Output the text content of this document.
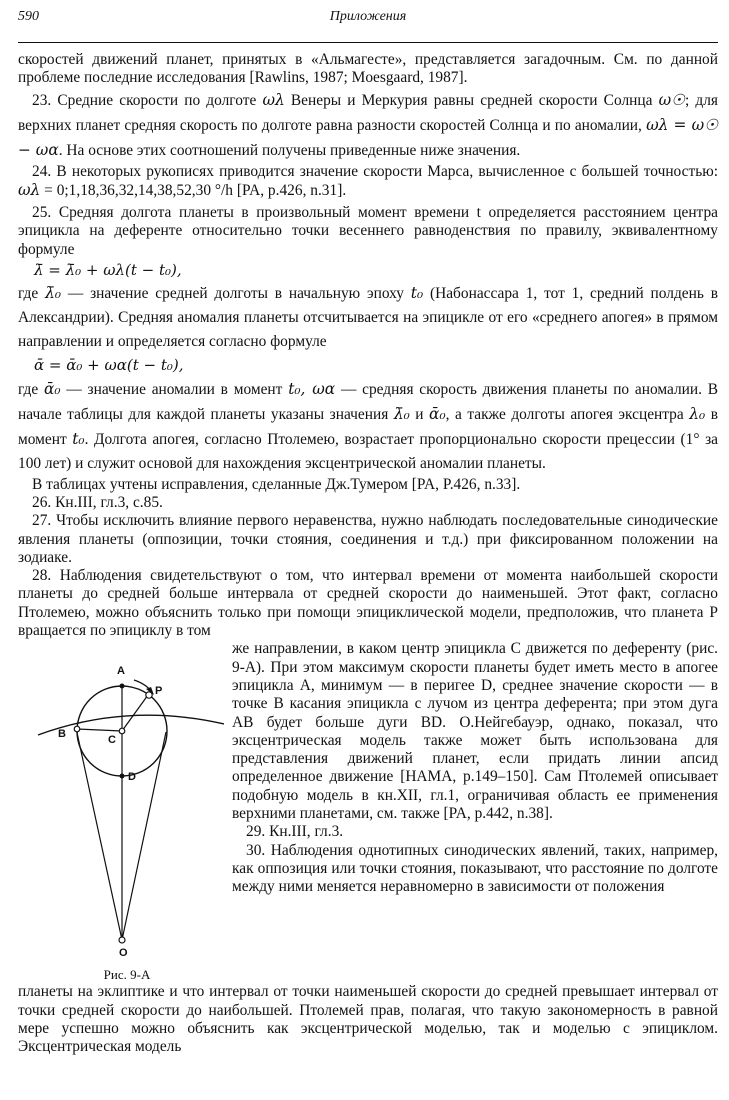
590	Приложения

скоростей движений планет, принятых в «Альмагесте», представляется загадочным. См. по данной проблеме последние исследования [Rawlins, 1987; Moesgaard, 1987].

23. Средние скорости по долготе ωλ Венеры и Меркурия равны средней скорости Солнца ω☉; для верхних планет средняя скорость по долготе равна разности скоростей Солнца и по аномалии, ωλ = ω☉ − ωα. На основе этих соотношений получены приведенные ниже значения.

24. В некоторых рукописях приводится значение скорости Марса, вычисленное с большей точностью: ωλ = 0;1,18,36,32,14,38,52,30 °/h [PA, p.426, n.31].

25. Средняя долгота планеты в произвольный момент времени t определяется расстоянием центра эпицикла на деференте относительно точки весеннего равноденствия по правилу, эквивалентному формуле

λ̄ = λ̄₀ + ωλ(t − t₀),

где λ̄₀ — значение средней долготы в начальную эпоху t₀ (Набонассара 1, тот 1, средний полдень в Александрии). Средняя аномалия планеты отсчитывается на эпицикле от его «среднего апогея» в прямом направлении и определяется согласно формуле

ᾱ = ᾱ₀ + ωα(t − t₀),

где ᾱ₀ — значение аномалии в момент t₀, ωα — средняя скорость движения планеты по аномалии. В начале таблицы для каждой планеты указаны значения λ̄₀ и ᾱ₀, а также долготы апогея эксцентра λ₀ в момент t₀. Долгота апогея, согласно Птолемею, возрастает пропорционально скорости прецессии (1° за 100 лет) и служит основой для нахождения эксцентрической аномалии планеты.

В таблицах учтены исправления, сделанные Дж.Тумером [PA, P.426, n.33].

26. Кн.III, гл.3, с.85.

27. Чтобы исключить влияние первого неравенства, нужно наблюдать последовательные синодические явления планеты (оппозиции, точки стояния, соединения и т.д.) при фиксированном положении на зодиаке.

28. Наблюдения свидетельствуют о том, что интервал времени от момента наибольшей скорости планеты до средней больше интервала от средней скорости до наименьшей. Этот факт, согласно Птолемею, можно объяснить только при помощи эпициклической модели, предположив, что планета P вращается по эпициклу в том

A
P
B	C
D
O
Рис. 9-А

же направлении, в каком центр эпицикла C движется по деференту (рис. 9-А). При этом максимум скорости планеты будет иметь место в апогее эпицикла A, минимум — в перигее D, среднее значение скорости — в точке B касания эпицикла с лучом из центра деферента; при этом дуга AB будет больше дуги BD. О.Нейгебауэр, однако, показал, что эксцентрическая модель также может быть использована для представления движений планет, если придать линии апсид определенное движение [HAMA, p.149–150]. Сам Птолемей описывает подобную модель в кн.XII, гл.1, ограничивая область ее применения верхними планетами, см. также [PA, p.442, n.38].

29. Кн.III, гл.3.

30. Наблюдения однотипных синодических явлений, таких, например, как оппозиция или точки стояния, показывают, что расстояние по долготе между ними меняется неравномерно в зависимости от положения

планеты на эклиптике и что интервал от точки наименьшей скорости до средней превышает интервал от точки средней скорости до наибольшей. Птолемей прав, полагая, что такую закономерность в равной мере успешно можно объяснить как эксцентрической моделью, так и моделью с эпициклом. Эксцентрическая модель
